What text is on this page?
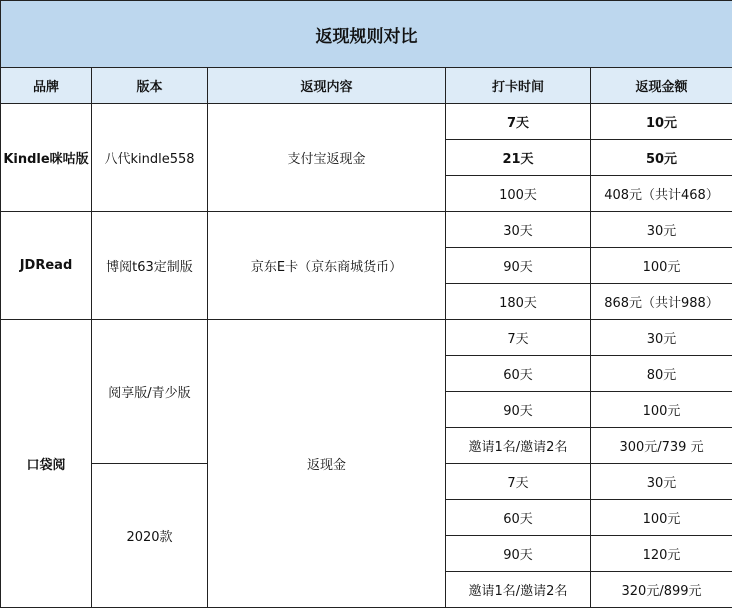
返现规则对比				
品牌	版本	返现内容	打卡时间	返现金额
Kindle咪咕版	八代kindle558	支付宝返现金	7天	10元
			21天	50元
			100天	408元（共计468）
JDRead	博阅t63定制版	京东E卡（京东商城货币）	30天	30元
			90天	100元
			180天	868元（共计988）
口袋阅	阅享版/青少版	返现金	7天	30元
			60天	80元
			90天	100元
			邀请1名/邀请2名	300元/739 元
	2020款		7天	30元
			60天	100元
			90天	120元
			邀请1名/邀请2名	320元/899元
